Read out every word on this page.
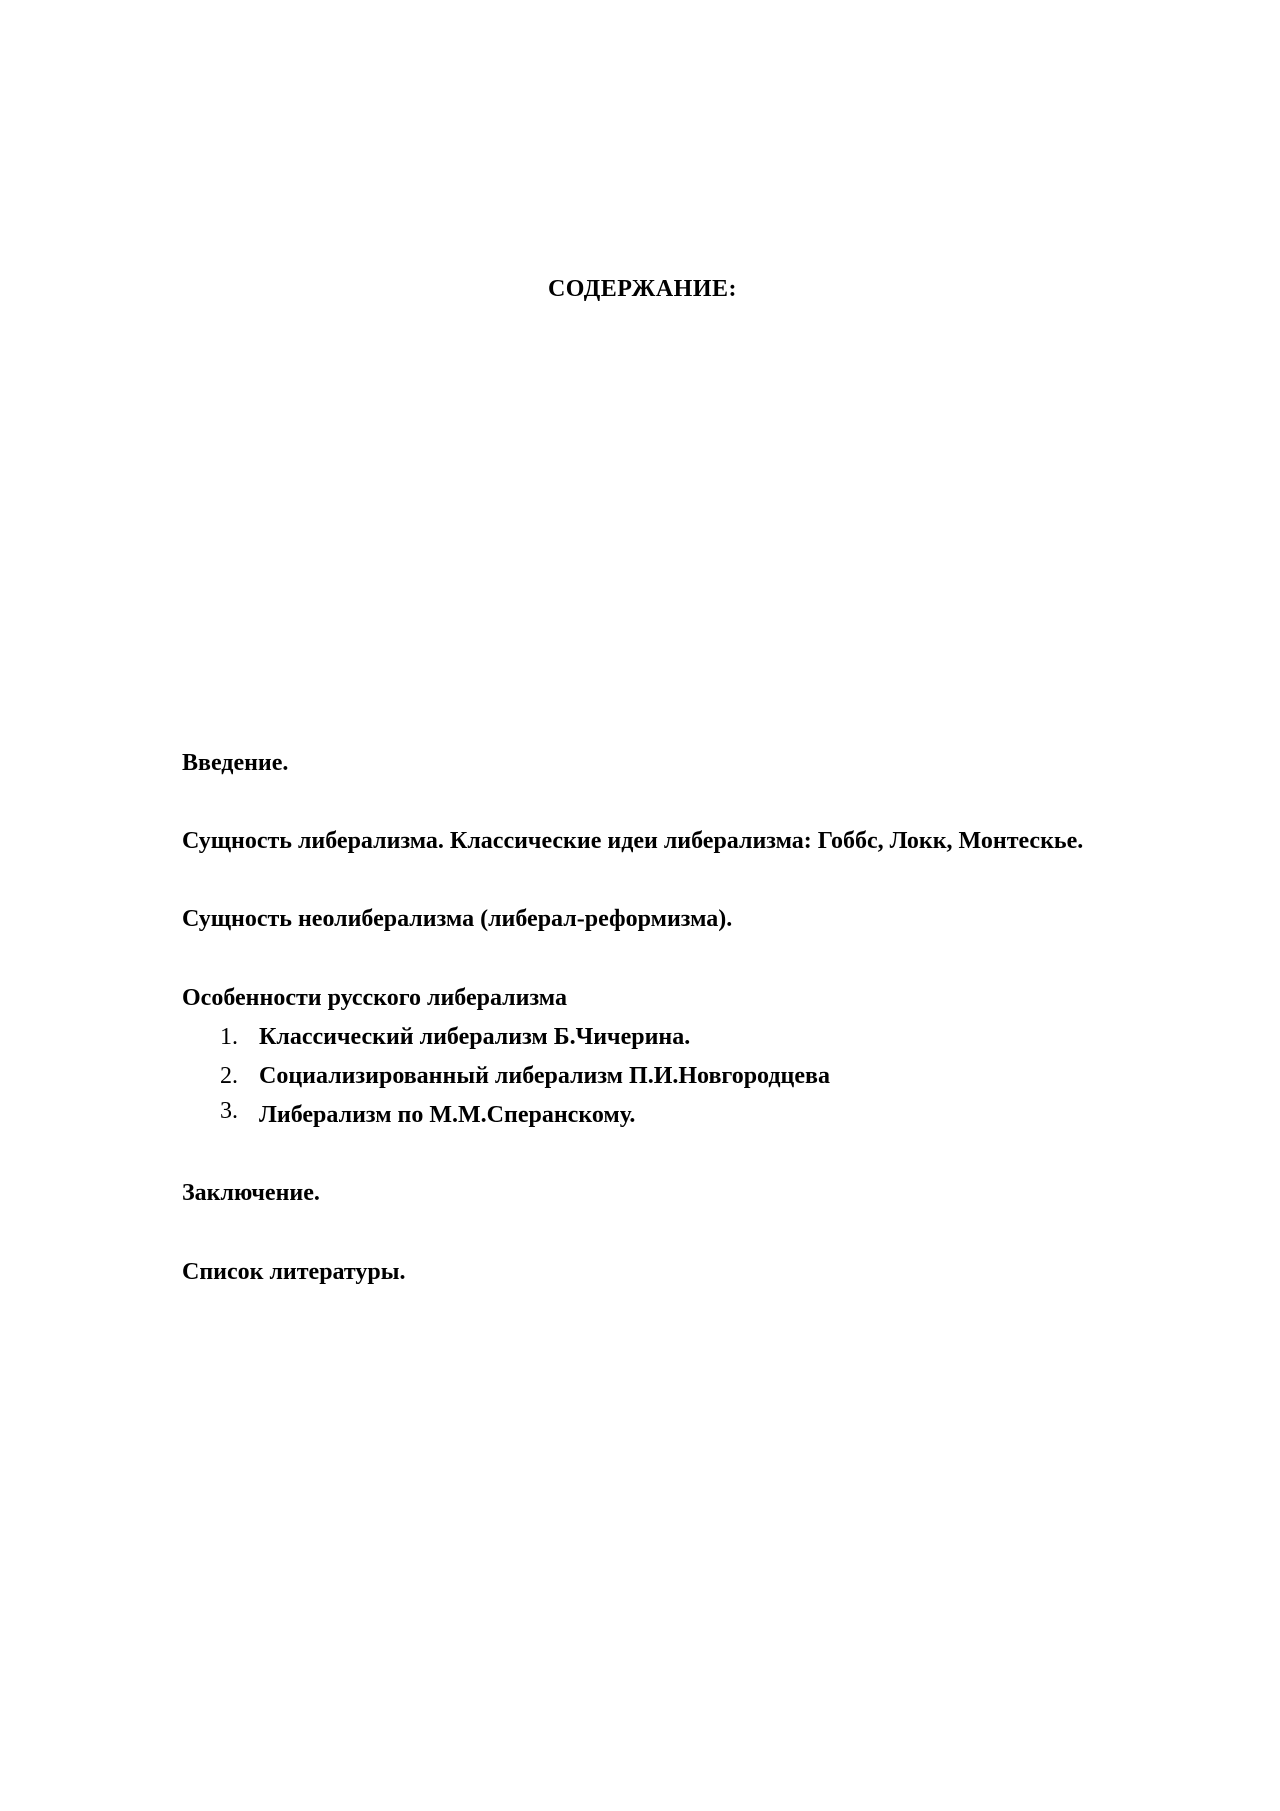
СОДЕРЖАНИЕ:
Введение.
Сущность либерализма. Классические идеи либерализма: Гоббс, Локк, Монтескье.
Сущность неолиберализма (либерал-реформизма).
Особенности русского либерализма
1. Классический либерализм Б.Чичерина.
2. Социализированный либерализм П.И.Новгородцева
3. Либерализм по М.М.Сперанскому.
Заключение.
Список литературы.
